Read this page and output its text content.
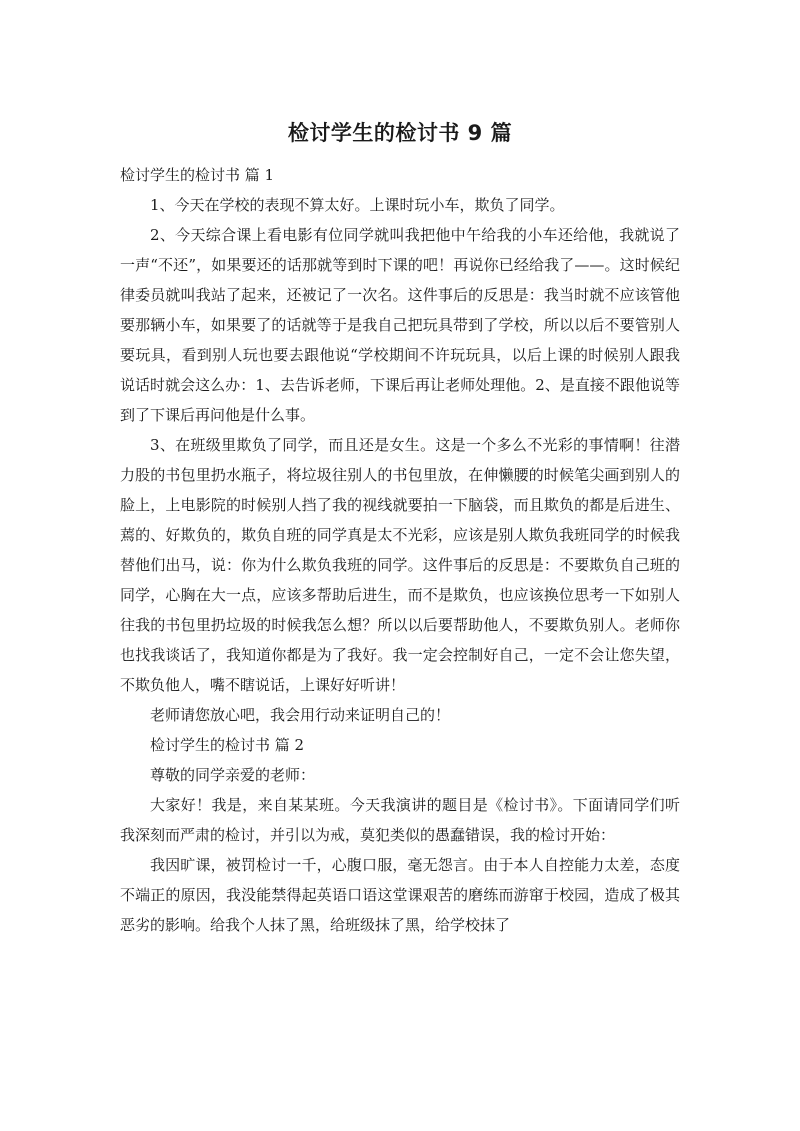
检讨学生的检讨书 9 篇

检讨学生的检讨书 篇 1

1、今天在学校的表现不算太好。上课时玩小车，欺负了同学。

2、今天综合课上看电影有位同学就叫我把他中午给我的小车还给他，我就说了一声“不还”，如果要还的话那就等到时下课的吧！再说你已经给我了——。这时候纪律委员就叫我站了起来，还被记了一次名。这件事后的反思是：我当时就不应该管他要那辆小车，如果要了的话就等于是我自己把玩具带到了学校，所以以后不要管别人要玩具，看到别人玩也要去跟他说“学校期间不许玩玩具，以后上课的时候别人跟我说话时就会这么办：1、去告诉老师，下课后再让老师处理他。2、是直接不跟他说等到了下课后再问他是什么事。

3、在班级里欺负了同学，而且还是女生。这是一个多么不光彩的事情啊！往潜力股的书包里扔水瓶子，将垃圾往别人的书包里放，在伸懒腰的时候笔尖画到别人的脸上，上电影院的时候别人挡了我的视线就要拍一下脑袋，而且欺负的都是后进生、蔫的、好欺负的，欺负自班的同学真是太不光彩，应该是别人欺负我班同学的时候我替他们出马，说：你为什么欺负我班的同学。这件事后的反思是：不要欺负自己班的同学，心胸在大一点，应该多帮助后进生，而不是欺负，也应该换位思考一下如别人往我的书包里扔垃圾的时候我怎么想？所以以后要帮助他人，不要欺负别人。老师你也找我谈话了，我知道你都是为了我好。我一定会控制好自己，一定不会让您失望，不欺负他人，嘴不瞎说话，上课好好听讲！

老师请您放心吧，我会用行动来证明自己的！

检讨学生的检讨书 篇 2

尊敬的同学亲爱的老师：

大家好！我是，来自某某班。今天我演讲的题目是《检讨书》。下面请同学们听我深刻而严肃的检讨，并引以为戒，莫犯类似的愚蠢错误，我的检讨开始：

我因旷课，被罚检讨一千，心腹口服，毫无怨言。由于本人自控能力太差，态度不端正的原因，我没能禁得起英语口语这堂课艰苦的磨练而游窜于校园，造成了极其恶劣的影响。给我个人抹了黑，给班级抹了黑，给学校抹了
